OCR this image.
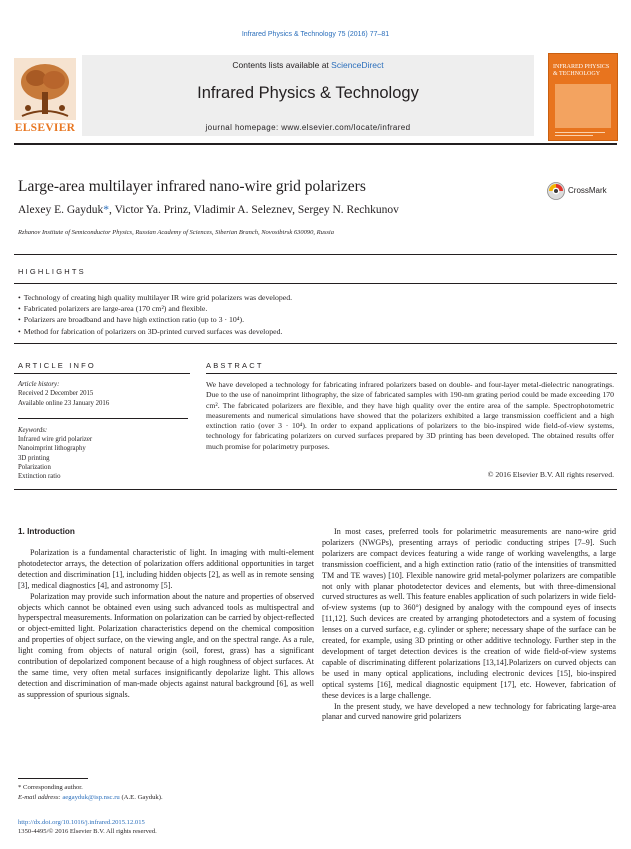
Infrared Physics & Technology 75 (2016) 77–81
Contents lists available at ScienceDirect
Infrared Physics & Technology
journal homepage: www.elsevier.com/locate/infrared
ELSEVIER
INFRARED PHYSICS & TECHNOLOGY
Large-area multilayer infrared nano-wire grid polarizers	CrossMark
Alexey E. Gayduk*, Victor Ya. Prinz, Vladimir A. Seleznev, Sergey N. Rechkunov
Rzhanov Institute of Semiconductor Physics, Russian Academy of Sciences, Siberian Branch, Novosibirsk 630090, Russia
HIGHLIGHTS
• Technology of creating high quality multilayer IR wire grid polarizers was developed.
• Fabricated polarizers are large-area (170 cm²) and flexible.
• Polarizers are broadband and have high extinction ratio (up to 3 · 10⁴).
• Method for fabrication of polarizers on 3D-printed curved surfaces was developed.
ARTICLE INFO	ABSTRACT
Article history:
Received 2 December 2015
Available online 23 January 2016
Keywords:
Infrared wire grid polarizer
Nanoimprint lithography
3D printing
Polarization
Extinction ratio
We have developed a technology for fabricating infrared polarizers based on double- and four-layer metal-dielectric nanogratings. Due to the use of nanoimprint lithography, the size of fabricated samples with 190-nm grating period could be made exceeding 170 cm². The fabricated polarizers are flexible, and they have high quality over the entire area of the sample. Spectrophotometric measurements and numerical simulations have showed that the polarizers exhibited a large transmission coefficient and a high extinction ratio (over 3 · 10⁴). In order to expand applications of polarizers to the bio-inspired wide field-of-view systems, technology for fabricating polarizers on curved surfaces prepared by 3D printing has been developed. The obtained results offer much promise for polarimetry purposes.
© 2016 Elsevier B.V. All rights reserved.
1. Introduction

Polarization is a fundamental characteristic of light. In imaging with multi-element photodetector arrays, the detection of polarization offers additional opportunities in target detection and discrimination [1], including hidden objects [2], as well as in remote sensing [3], medical diagnostics [4], and astronomy [5].

Polarization may provide such information about the nature and properties of observed objects which cannot be obtained even using such advanced tools as multispectral and hyperspectral measurements. Information on polarization can be carried by object-reflected or object-emitted light. Polarization characteristics depend on the chemical composition and properties of object surface, on the viewing angle, and on the spectral range. As a rule, light coming from objects of natural origin (soil, forest, grass) has a significant contribution of depolarized component because of a high roughness of object surfaces. At the same time, very often metal surfaces insignificantly depolarize light. This allows detection and discrimination of man-made objects against natural background [6], as well as suppression of spurious signals.

In most cases, preferred tools for polarimetric measurements are nano-wire grid polarizers (NWGPs), presenting arrays of periodic conducting stripes [7–9]. Such polarizers are compact devices featuring a wide range of working wavelengths, a large transmission coefficient, and a high extinction ratio (ratio of the intensities of transmitted TM and TE waves) [10]. Flexible nanowire grid metal-polymer polarizers are compatible not only with planar photodetector devices and elements, but with three-dimensional curved structures as well. This feature enables application of such polarizers in wide field-of-view systems (up to 360°) designed by analogy with the compound eyes of insects [11,12]. Such devices are created by arranging photodetectors and a system of focusing lenses on a curved surface, e.g. cylinder or sphere; necessary shape of the surface can be created, for example, using 3D printing or other additive technology. Further step in the development of target detection devices is the creation of wide field-of-view systems capable of discriminating different polarizations [13,14].Polarizers on curved objects can be used in many optical applications, including electronic devices [15], bio-inspired optical systems [16], medical diagnostic equipment [17], etc. However, fabrication of these devices is a large challenge.

In the present study, we have developed a new technology for fabricating large-area planar and curved nanowire grid polarizers

* Corresponding author.
E-mail address: aegayduk@isp.nsc.ru (A.E. Gayduk).
http://dx.doi.org/10.1016/j.infrared.2015.12.015
1350-4495/© 2016 Elsevier B.V. All rights reserved.
